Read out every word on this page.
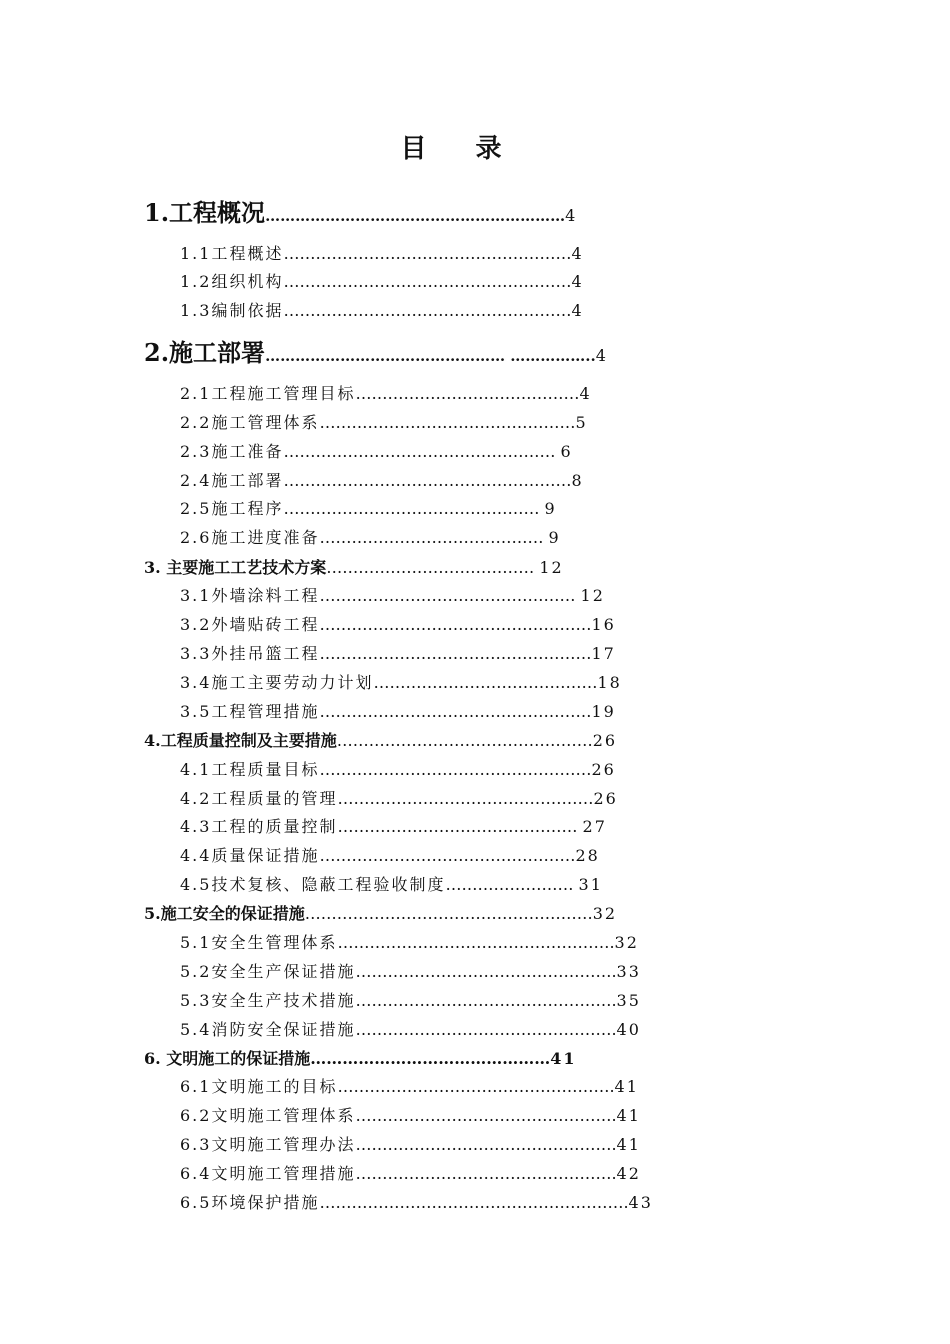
目 录
1.工程概况……………………………………………………4
1.1工程概述………………………………………………4
1.2组织机构………………………………………………4
1.3编制依据………………………………………………4
2.施工部署………………………………………… ……………..4
2.1工程施工管理目标……………………………………4
2.2施工管理体系…………………………………………5
2.3施工准备…………………………………………… 6
2.4施工部署………………………………………………8
2.5施工程序………………………………………… 9
2.6施工进度准备…………………………………… 9
3. 主要施工工艺技术方案………………………………… 12
3.1外墙涂料工程………………………………………… 12
3.2外墙贴砖工程……………………………………………16
3.3外挂吊篮工程……………………………………………17
3.4施工主要劳动力计划……………………………………18
3.5工程管理措施……………………………………………19
4.工程质量控制及主要措施…………………………………………26
4.1工程质量目标……………………………………………26
4.2工程质量的管理…………………………………………26
4.3工程的质量控制……………………………………… 27
4.4质量保证措施…………………………………………28
4.5技术复核、隐蔽工程验收制度…………………… 31
5.施工安全的保证措施………………………………………………32
5.1安全生管理体系…………………………………………….32
5.2安全生产保证措施………………………………………….33
5.3安全生产技术措施………………………………………….35
5.4消防安全保证措施………………………………………….40
6. 文明施工的保证措施………………………………………41
6.1文明施工的目标…………………………………………….41
6.2文明施工管理体系………………………………………….41
6.3文明施工管理办法………………………………………….41
6.4文明施工管理措施………………………………………….42
6.5环境保护措施………………………………………………….43
